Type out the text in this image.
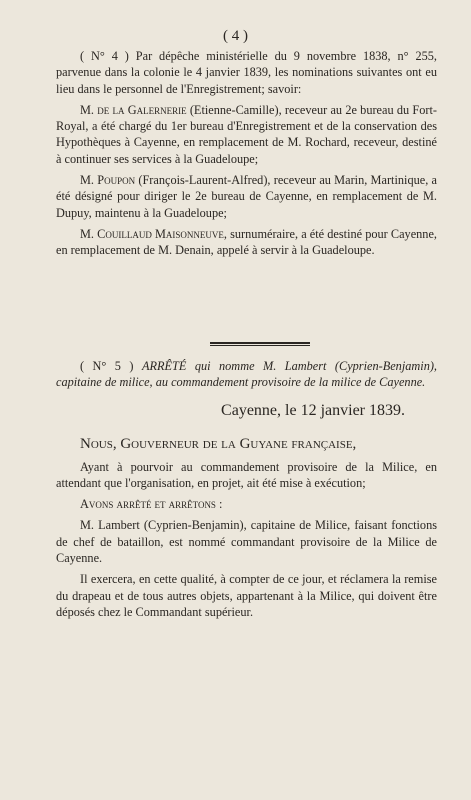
( 4 )

( N° 4 ) Par dépêche ministérielle du 9 novembre 1838, n° 255, parvenue dans la colonie le 4 janvier 1839, les nominations suivantes ont eu lieu dans le personnel de l'Enregistrement; savoir:

M. de la Galernerie (Etienne-Camille), receveur au 2e bureau du Fort-Royal, a été chargé du 1er bureau d'Enregistrement et de la conservation des Hypothèques à Cayenne, en remplacement de M. Rochard, receveur, destiné à continuer ses services à la Guadeloupe;

M. Poupon (François-Laurent-Alfred), receveur au Marin, Martinique, a été désigné pour diriger le 2e bureau de Cayenne, en remplacement de M. Dupuy, maintenu à la Guadeloupe;

M. Couillaud Maisonneuve, surnuméraire, a été destiné pour Cayenne, en remplacement de M. Denain, appelé à servir à la Guadeloupe.

( N° 5 ) ARRÊTÉ qui nomme M. Lambert (Cyprien-Benjamin), capitaine de milice, au commandement provisoire de la milice de Cayenne.

Cayenne, le 12 janvier 1839.

Nous, Gouverneur de la Guyane française,

Ayant à pourvoir au commandement provisoire de la Milice, en attendant que l'organisation, en projet, ait été mise à exécution;

Avons arrêté et arrêtons :

M. Lambert (Cyprien-Benjamin), capitaine de Milice, faisant fonctions de chef de bataillon, est nommé commandant provisoire de la Milice de Cayenne.

Il exercera, en cette qualité, à compter de ce jour, et réclamera la remise du drapeau et de tous autres objets, appartenant à la Milice, qui doivent être déposés chez le Commandant supérieur.
